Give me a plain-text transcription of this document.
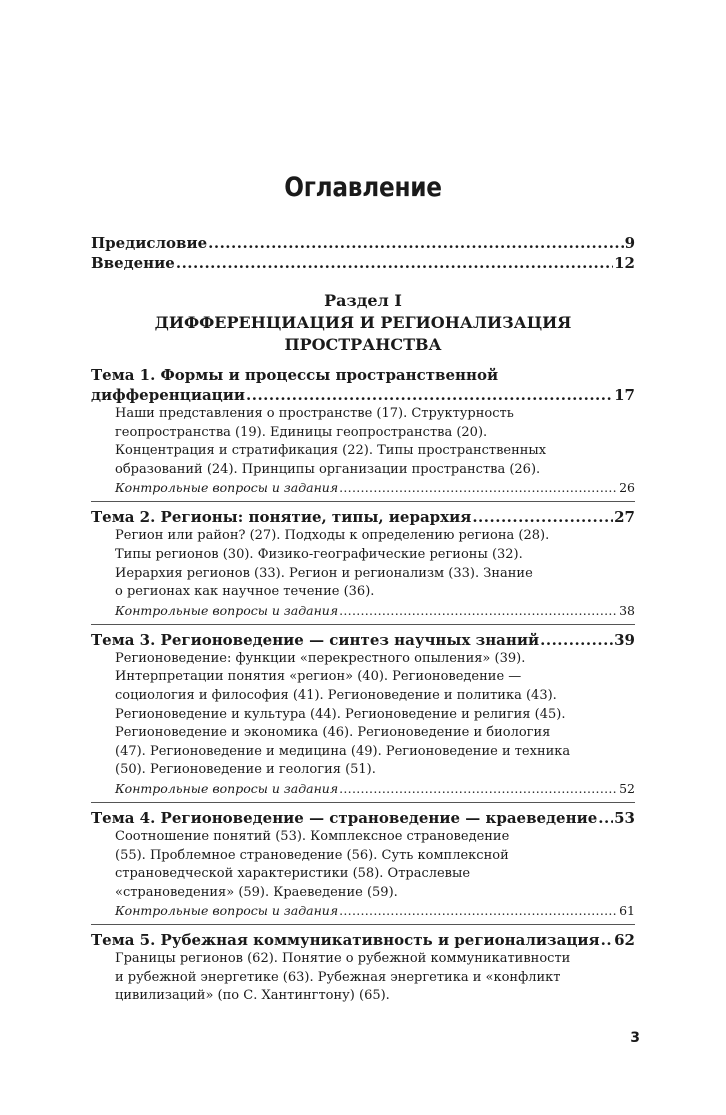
Оглавление
Предисловие .....	9
Введение .....	12
Раздел I
ДИФФЕРЕНЦИАЦИЯ И РЕГИОНАЛИЗАЦИЯ
ПРОСТРАНСТВА
Тема 1. Формы и процессы пространственной
дифференциации .....	17
Наши представления о пространстве (17). Структурность
геопространства (19). Единицы геопространства (20).
Концентрация и стратификация (22). Типы пространственных
образований (24). Принципы организации пространства (26).
Контрольные вопросы и задания .....	26
Тема 2. Регионы: понятие, типы, иерархия .....	27
Регион или район? (27). Подходы к определению региона (28).
Типы регионов (30). Физико-географические регионы (32).
Иерархия регионов (33). Регион и регионализм (33). Знание
о регионах как научное течение (36).
Контрольные вопросы и задания .....	38
Тема 3. Регионоведение — синтез научных знаний .....	39
Регионоведение: функции «перекрестного опыления» (39).
Интерпретации понятия «регион» (40). Регионоведение —
социология и философия (41). Регионоведение и политика (43).
Регионоведение и культура (44). Регионоведение и религия (45).
Регионоведение и экономика (46). Регионоведение и биология
(47). Регионоведение и медицина (49). Регионоведение и техника
(50). Регионоведение и геология (51).
Контрольные вопросы и задания .....	52
Тема 4. Регионоведение — страноведение — краеведение ..... 53
Соотношение понятий (53). Комплексное страноведение
(55). Проблемное страноведение (56). Суть комплексной
страноведческой характеристики (58). Отраслевые
«страноведения» (59). Краеведение (59).
Контрольные вопросы и задания .....	61
Тема 5. Рубежная коммуникативность и регионализация ..... 62
Границы регионов (62). Понятие о рубежной коммуникативности
и рубежной энергетике (63). Рубежная энергетика и «конфликт
цивилизаций» (по С. Хантингтону) (65).
3
